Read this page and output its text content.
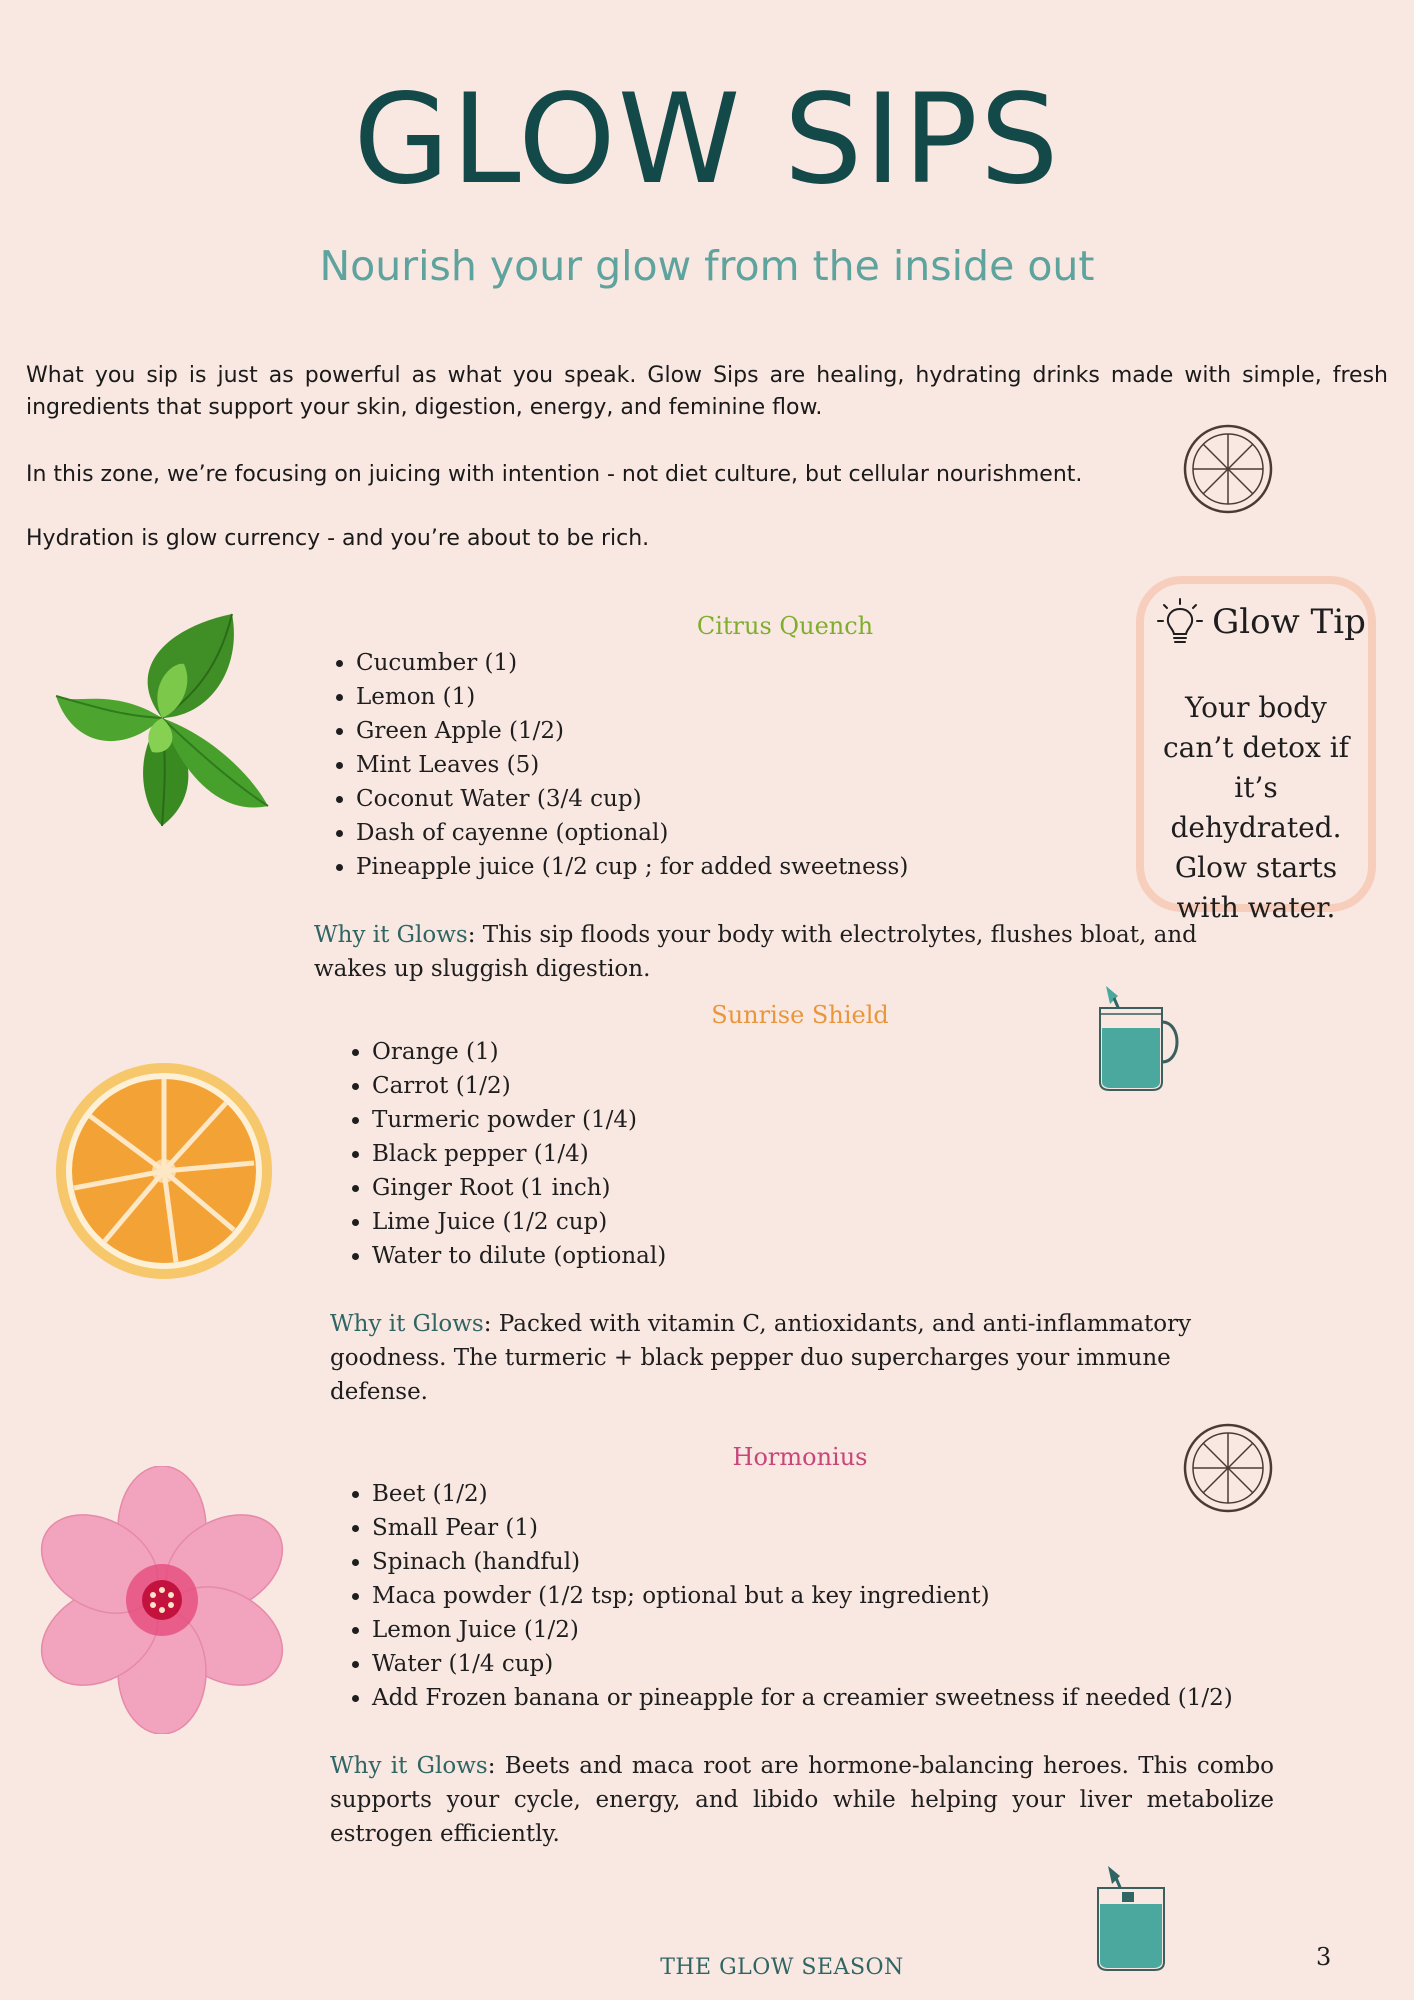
GLOW SIPS
Nourish your glow from the inside out

What you sip is just as powerful as what you speak. Glow Sips are healing, hydrating drinks made with simple, fresh ingredients that support your skin, digestion, energy, and feminine flow.

In this zone, we’re focusing on juicing with intention - not diet culture, but cellular nourishment.

Hydration is glow currency - and you’re about to be rich.

Citrus Quench

• Cucumber (1)
• Lemon (1)
• Green Apple (1/2)
• Mint Leaves (5)
• Coconut Water (3/4 cup)
• Dash of cayenne (optional)
• Pineapple juice (1/2 cup ; for added sweetness)

Why it Glows: This sip floods your body with electrolytes, flushes bloat, and wakes up sluggish digestion.

Glow Tip
Your body can’t detox if it’s dehydrated. Glow starts with water.

Sunrise Shield

• Orange (1)
• Carrot (1/2)
• Turmeric powder (1/4)
• Black pepper (1/4)
• Ginger Root (1 inch)
• Lime Juice (1/2 cup)
• Water to dilute (optional)

Why it Glows: Packed with vitamin C, antioxidants, and anti-inflammatory goodness. The turmeric + black pepper duo supercharges your immune defense.

Hormonius

• Beet (1/2)
• Small Pear (1)
• Spinach (handful)
• Maca powder (1/2 tsp; optional but a key ingredient)
• Lemon Juice (1/2)
• Water (1/4 cup)
• Add Frozen banana or pineapple for a creamier sweetness if needed (1/2)

Why it Glows: Beets and maca root are hormone-balancing heroes. This combo supports your cycle, energy, and libido while helping your liver metabolize estrogen efficiently.

THE GLOW SEASON	3
